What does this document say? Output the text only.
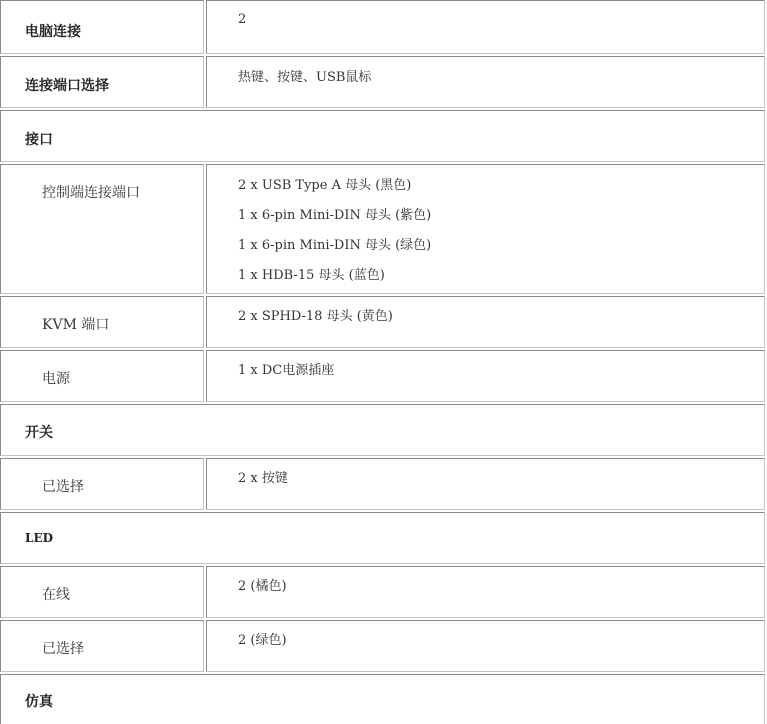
电脑连接
2
连接端口选择
热键、按键、USB鼠标
接口
控制端连接端口	2 x USB Type A 母头 (黑色)
1 x 6-pin Mini-DIN 母头 (紫色)
1 x 6-pin Mini-DIN 母头 (绿色)
1 x HDB-15 母头 (蓝色)
KVM 端口
2 x SPHD-18 母头 (黄色)
电源
1 x DC电源插座
开关
已选择
2 x 按键
LED
在线
2 (橘色)
已选择
2 (绿色)
仿真
